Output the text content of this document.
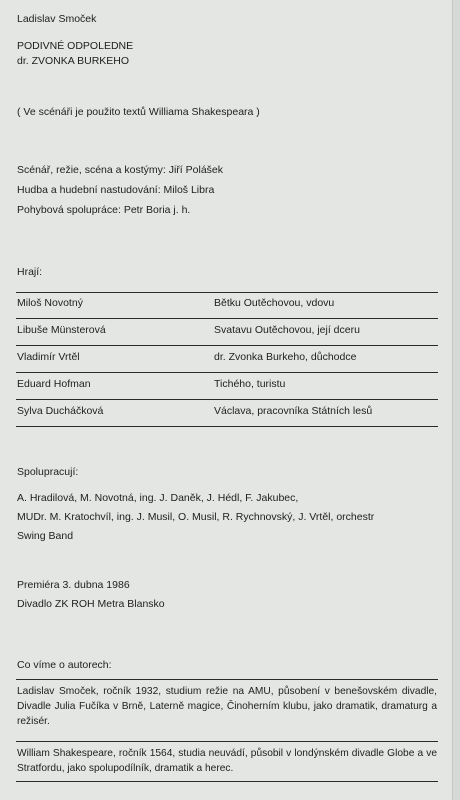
Ladislav Smoček
PODIVNÉ ODPOLEDNE
dr. ZVONKA BURKEHO
( Ve scénáři je použito textů Williama Shakespeara )
Scénář, režie, scéna a kostýmy: Jiří Polášek
Hudba a hudební nastudování: Miloš Libra
Pohybová spolupráce: Petr Boria j. h.
Hrají:
Miloš Novotný	Bětku Outěchovou, vdovu
Libuše Münsterová	Svatavu Outěchovou, její dceru
Vladimír Vrtěl	dr. Zvonka Burkeho, důchodce
Eduard Hofman	Tichého, turistu
Sylva Ducháčková	Václava, pracovníka Státních lesů
Spolupracují:
A. Hradilová, M. Novotná, ing. J. Daněk, J. Hédl, F. Jakubec,
MUDr. M. Kratochvíl, ing. J. Musil, O. Musil, R. Rychnovský, J. Vrtěl, orchestr
Swing Band
Premiéra 3. dubna 1986
Divadlo ZK ROH Metra Blansko
Co víme o autorech:
Ladislav Smoček, ročník 1932, studium režie na AMU, působení v benešovském divadle, Divadle Julia Fučíka v Brně, Laterně magice, Činoherním klubu, jako dramatik, dramaturg a režisér.
William Shakespeare, ročník 1564, studia neuvádí, působil v londýnském divadle Globe a ve Stratfordu, jako spolupodílník, dramatik a herec.
